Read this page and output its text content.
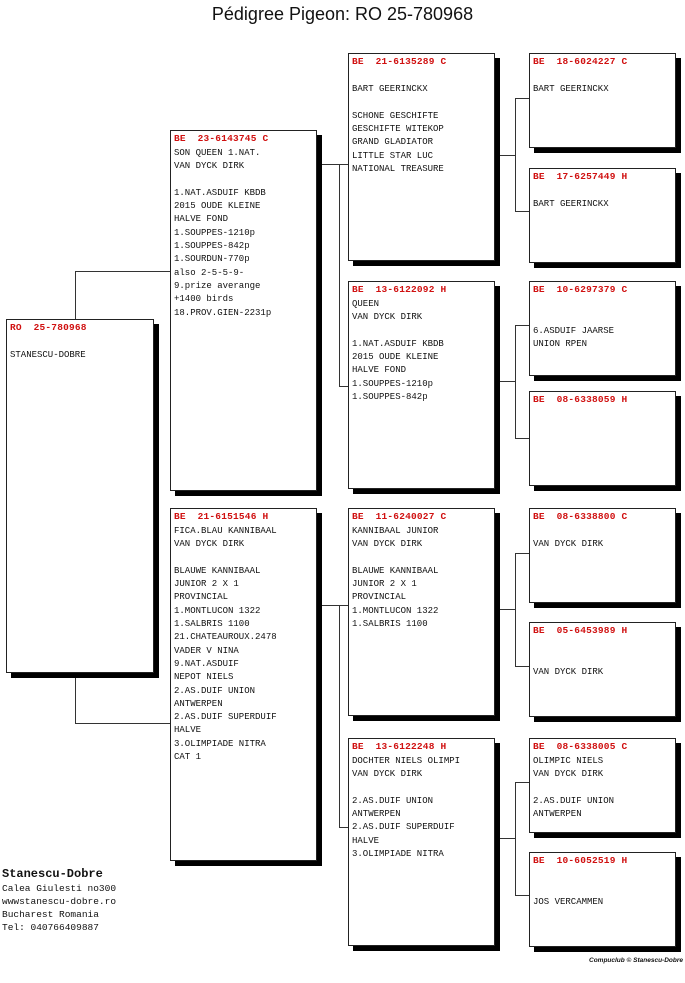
Pédigree Pigeon: RO 25-780968
RO  25-780968
STANESCU-DOBRE
BE  23-6143745 C
SON QUEEN 1.NAT.
VAN DYCK DIRK
1.NAT.ASDUIF KBDB
2015 OUDE KLEINE
HALVE FOND
1.SOUPPES-1210p
1.SOUPPES-842p
1.SOURDUN-770p
also 2-5-5-9-
9.prize averange
+1400 birds
18.PROV.GIEN-2231p
BE  21-6151546 H
FICA.BLAU KANNIBAAL
VAN DYCK DIRK
BLAUWE KANNIBAAL
JUNIOR 2 X 1
PROVINCIAL
1.MONTLUCON 1322
1.SALBRIS 1100
21.CHATEAUROUX.2478
VADER V NINA
9.NAT.ASDUIF
NEPOT NIELS
2.AS.DUIF UNION
ANTWERPEN
2.AS.DUIF SUPERDUIF
HALVE
3.OLIMPIADE NITRA
CAT 1
BE  21-6135289 C
BART GEERINCKX
SCHONE GESCHIFTE
GESCHIFTE WITEKOP
GRAND GLADIATOR
LITTLE STAR LUC
NATIONAL TREASURE
BE  13-6122092 H
QUEEN
VAN DYCK DIRK
1.NAT.ASDUIF KBDB
2015 OUDE KLEINE
HALVE FOND
1.SOUPPES-1210p
1.SOUPPES-842p
BE  11-6240027 C
KANNIBAAL JUNIOR
VAN DYCK DIRK
BLAUWE KANNIBAAL
JUNIOR 2 X 1
PROVINCIAL
1.MONTLUCON 1322
1.SALBRIS 1100
BE  13-6122248 H
DOCHTER NIELS OLIMPI
VAN DYCK DIRK
2.AS.DUIF UNION
ANTWERPEN
2.AS.DUIF SUPERDUIF
HALVE
3.OLIMPIADE NITRA
BE  18-6024227 C
BART GEERINCKX
BE  17-6257449 H
BART GEERINCKX
BE  10-6297379 C
6.ASDUIF JAARSE
UNION RPEN
BE  08-6338059 H
BE  08-6338800 C
VAN DYCK DIRK
BE  05-6453989 H
VAN DYCK DIRK
BE  08-6338005 C
OLIMPIC NIELS
VAN DYCK DIRK
2.AS.DUIF UNION
ANTWERPEN
BE  10-6052519 H
JOS VERCAMMEN
Stanescu-Dobre
Calea Giulesti no300
wwwstanescu-dobre.ro
Bucharest Romania
Tel: 040766409887
Compuclub © Stanescu-Dobre
